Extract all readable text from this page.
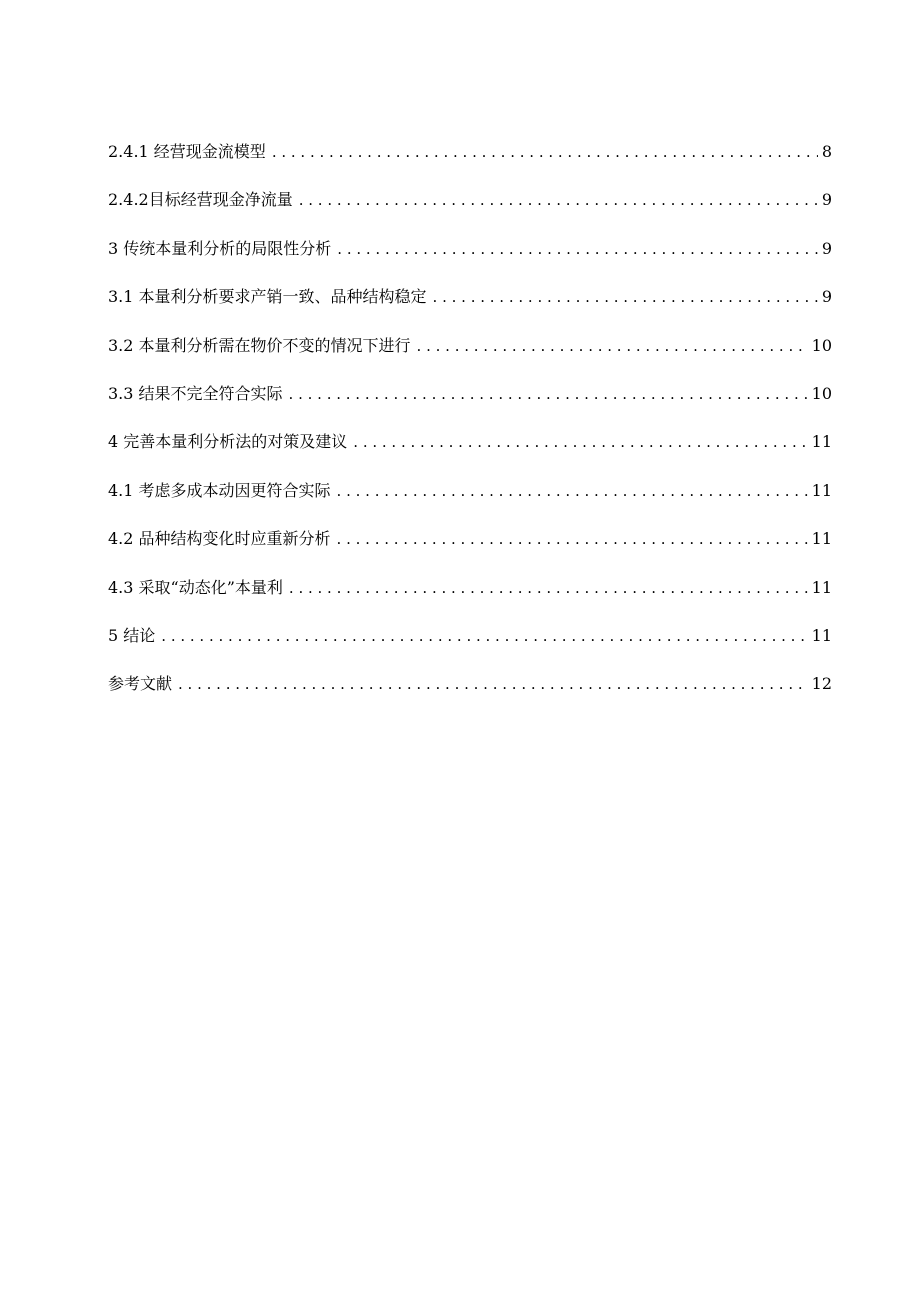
2.4.1 经营现金流模型 . . .	8
2.4.2目标经营现金净流量 . . .	9
3 传统本量利分析的局限性分析 . . .	9
3.1 本量利分析要求产销一致、品种结构稳定 . . .	9
3.2 本量利分析需在物价不变的情况下进行 . . .	10
3.3 结果不完全符合实际 . . .	10
4 完善本量利分析法的对策及建议 . . .	11
4.1 考虑多成本动因更符合实际 . . .	11
4.2 品种结构变化时应重新分析 . . .	11
4.3 采取“动态化”本量利 . . .	11
5 结论 . . .	11
参考文献 . . .	12
